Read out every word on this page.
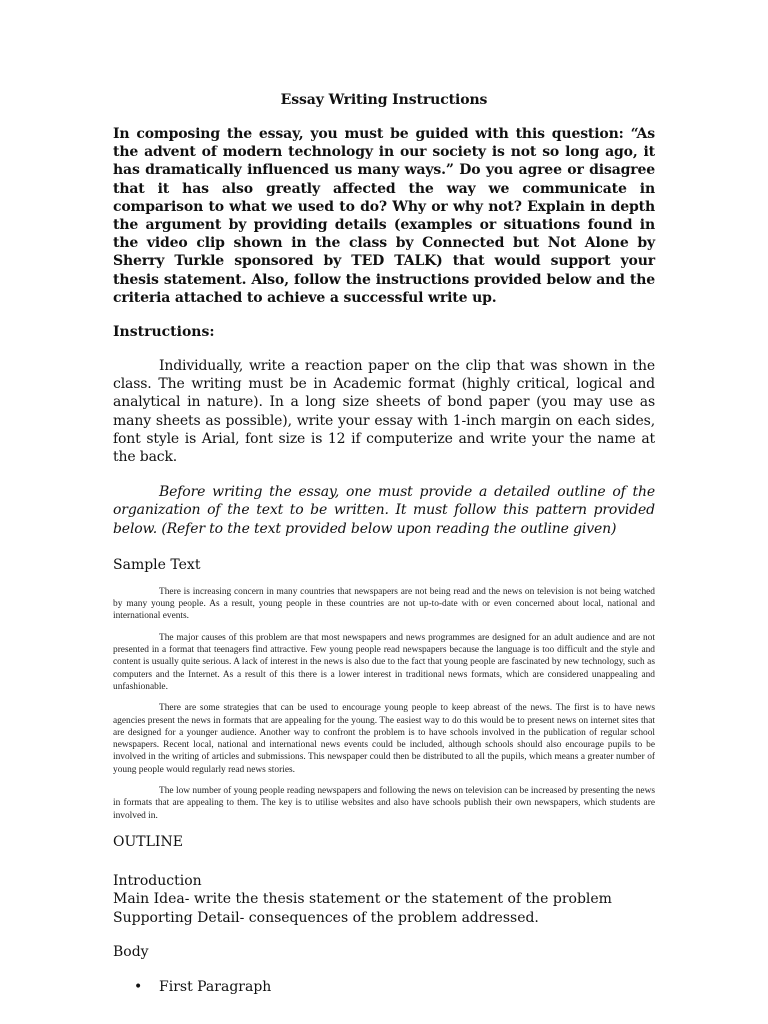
Essay Writing Instructions

In composing the essay, you must be guided with this question: “As the advent of modern technology in our society is not so long ago, it has dramatically influenced us many ways.” Do you agree or disagree that it has also greatly affected the way we communicate in comparison to what we used to do? Why or why not? Explain in depth the argument by providing details (examples or situations found in the video clip shown in the class by Connected but Not Alone by Sherry Turkle sponsored by TED TALK) that would support your thesis statement. Also, follow the instructions provided below and the criteria attached to achieve a successful write up.

Instructions:

Individually, write a reaction paper on the clip that was shown in the class. The writing must be in Academic format (highly critical, logical and analytical in nature). In a long size sheets of bond paper (you may use as many sheets as possible), write your essay with 1-inch margin on each sides, font style is Arial, font size is 12 if computerize and write your the name at the back.

Before writing the essay, one must provide a detailed outline of the organization of the text to be written. It must follow this pattern provided below. (Refer to the text provided below upon reading the outline given)

Sample Text

There is increasing concern in many countries that newspapers are not being read and the news on television is not being watched by many young people. As a result, young people in these countries are not up-to-date with or even concerned about local, national and international events.

The major causes of this problem are that most newspapers and news programmes are designed for an adult audience and are not presented in a format that teenagers find attractive. Few young people read newspapers because the language is too difficult and the style and content is usually quite serious. A lack of interest in the news is also due to the fact that young people are fascinated by new technology, such as computers and the Internet. As a result of this there is a lower interest in traditional news formats, which are considered unappealing and unfashionable.

There are some strategies that can be used to encourage young people to keep abreast of the news. The first is to have news agencies present the news in formats that are appealing for the young. The easiest way to do this would be to present news on internet sites that are designed for a younger audience. Another way to confront the problem is to have schools involved in the publication of regular school newspapers. Recent local, national and international news events could be included, although schools should also encourage pupils to be involved in the writing of articles and submissions. This newspaper could then be distributed to all the pupils, which means a greater number of young people would regularly read news stories.

The low number of young people reading newspapers and following the news on television can be increased by presenting the news in formats that are appealing to them. The key is to utilise websites and also have schools publish their own newspapers, which students are involved in.

OUTLINE

Introduction

Main Idea- write the thesis statement or the statement of the problem

Supporting Detail- consequences of the problem addressed.

Body
• First Paragraph
